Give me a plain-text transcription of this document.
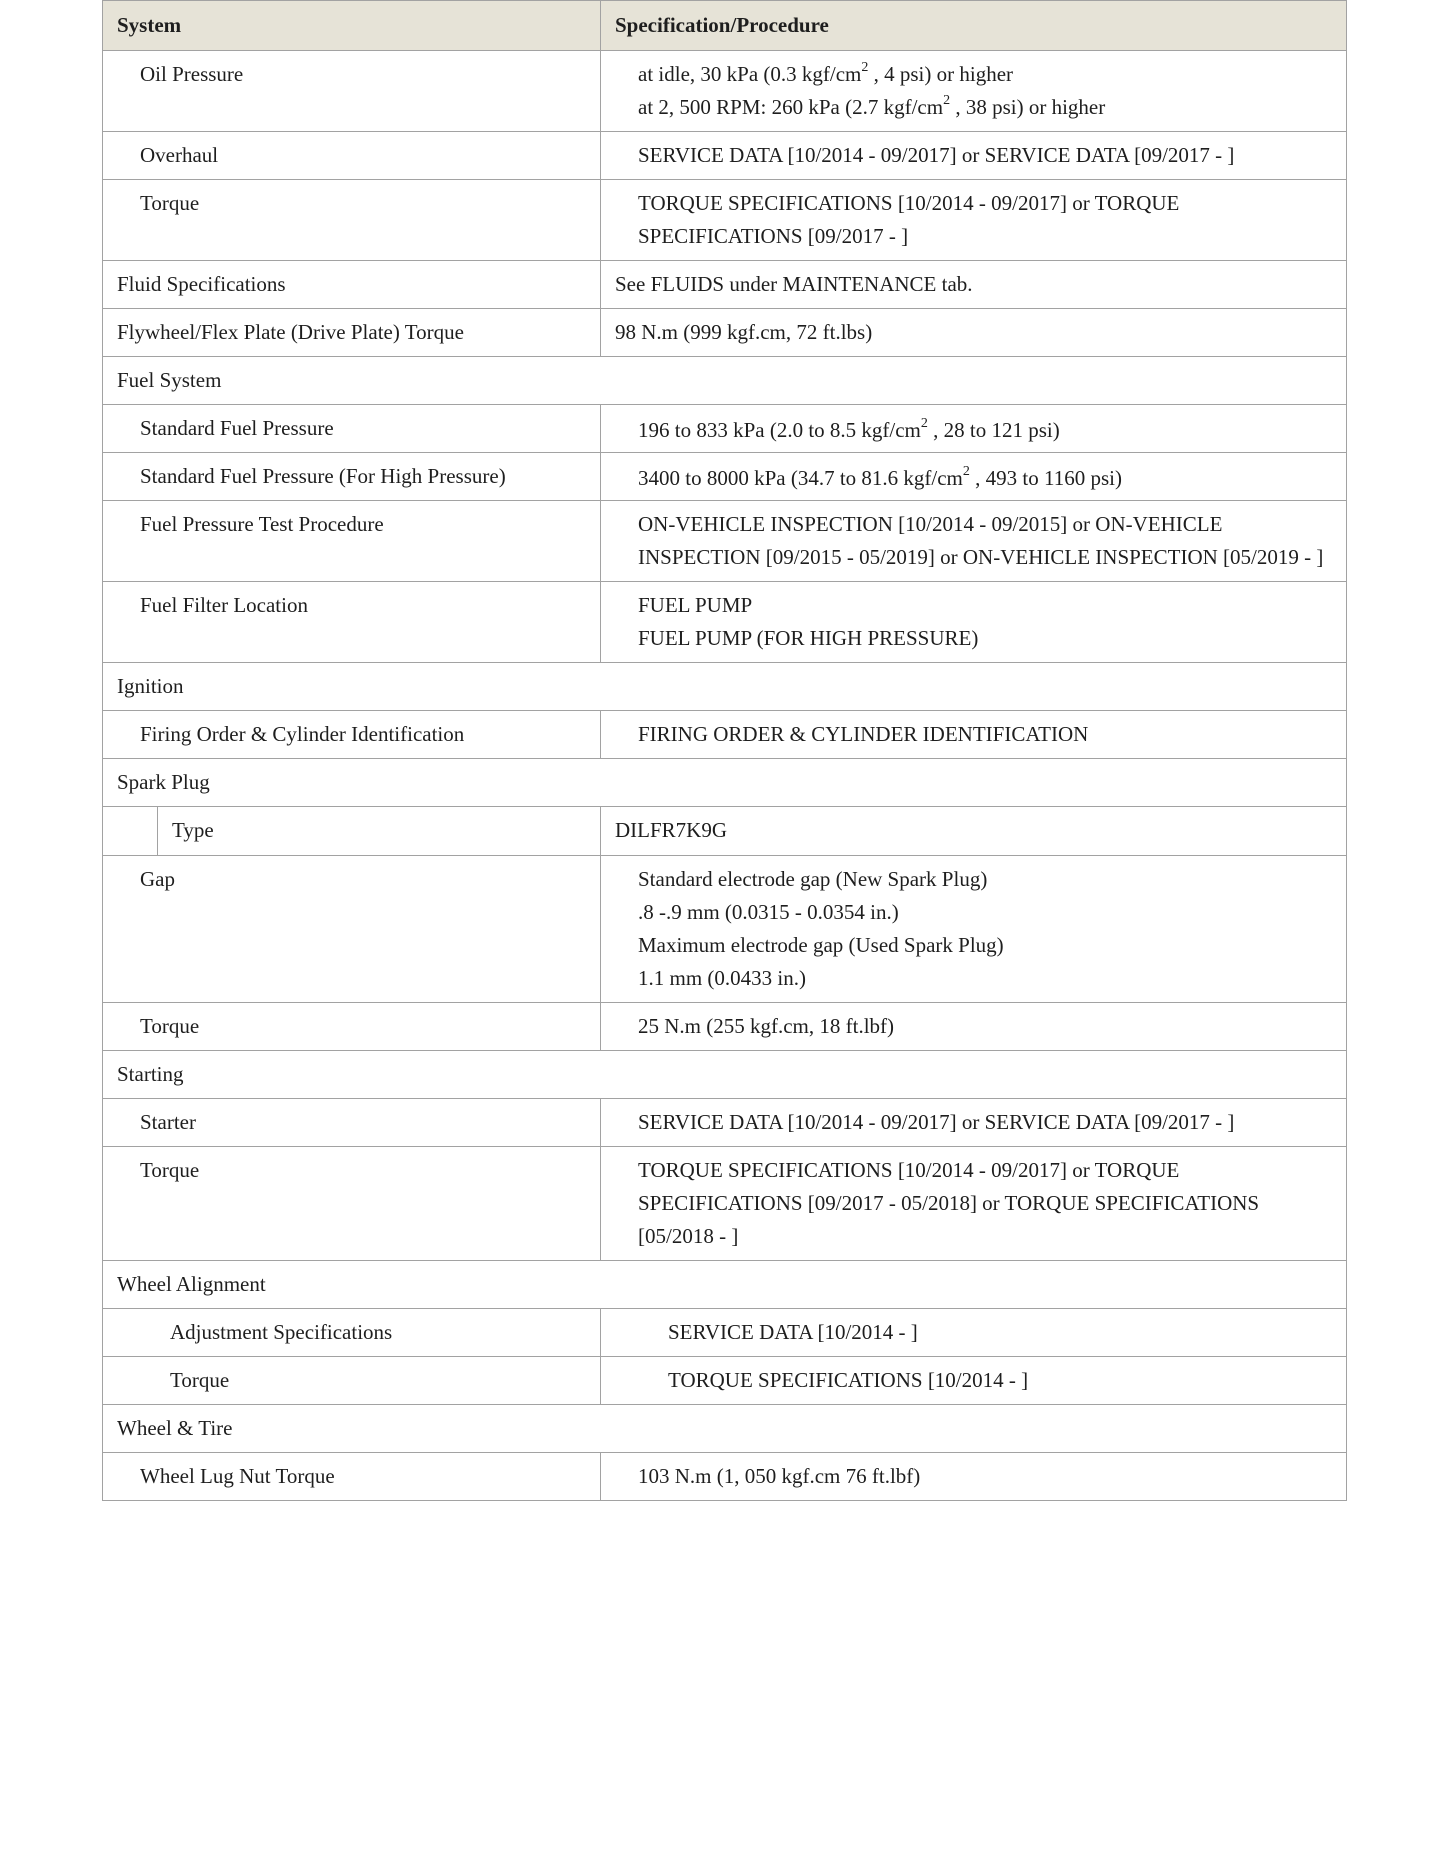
System	Specification/Procedure
Oil Pressure	at idle, 30 kPa (0.3 kgf/$cm^2$ , 4 psi) or higher
at 2, 500 RPM: 260 kPa (2.7 kgf/$cm^2$ , 38 psi) or higher

Overhaul	SERVICE DATA [10/2014 - 09/2017] or SERVICE DATA [09/2017 - ]
Torque	TORQUE SPECIFICATIONS [10/2014 - 09/2017] or TORQUE SPECIFICATIONS [09/2017 - ]
Fluid Specifications	See FLUIDS under MAINTENANCE tab.
Flywheel/Flex Plate (Drive Plate) Torque	98 N.m (999 kgf.cm, 72 ft.lbs)
Fuel System	
Standard Fuel Pressure	196 to 833 kPa (2.0 to 8.5 kgf/$cm^2$ , 28 to 121 psi)
Standard Fuel Pressure (For High Pressure)	3400 to 8000 kPa (34.7 to 81.6 kgf/$cm^2$ , 493 to 1160 psi)
Fuel Pressure Test Procedure	ON-VEHICLE INSPECTION [10/2014 - 09/2015] or ON-VEHICLE INSPECTION [09/2015 - 05/2019] or ON-VEHICLE INSPECTION [05/2019 - ]
Fuel Filter Location	FUEL PUMP
FUEL PUMP (FOR HIGH PRESSURE)

Ignition	
Firing Order & Cylinder Identification	FIRING ORDER & CYLINDER IDENTIFICATION
Spark Plug	

Type	DILFR7K9G
Gap	Standard electrode gap (New Spark Plug)
.8 -.9 mm (0.0315 - 0.0354 in.)
Maximum electrode gap (Used Spark Plug)
1.1 mm (0.0433 in.)

Torque	25 N.m (255 kgf.cm, 18 ft.lbf)
Starting	
Starter	SERVICE DATA [10/2014 - 09/2017] or SERVICE DATA [09/2017 - ]
Torque	TORQUE SPECIFICATIONS [10/2014 - 09/2017] or TORQUE SPECIFICATIONS [09/2017 - 05/2018] or TORQUE SPECIFICATIONS [05/2018 - ]
Wheel Alignment	
Adjustment Specifications	SERVICE DATA [10/2014 - ]
Torque	TORQUE SPECIFICATIONS [10/2014 - ]
Wheel & Tire	
Wheel Lug Nut Torque	103 N.m (1, 050 kgf.cm 76 ft.lbf)
